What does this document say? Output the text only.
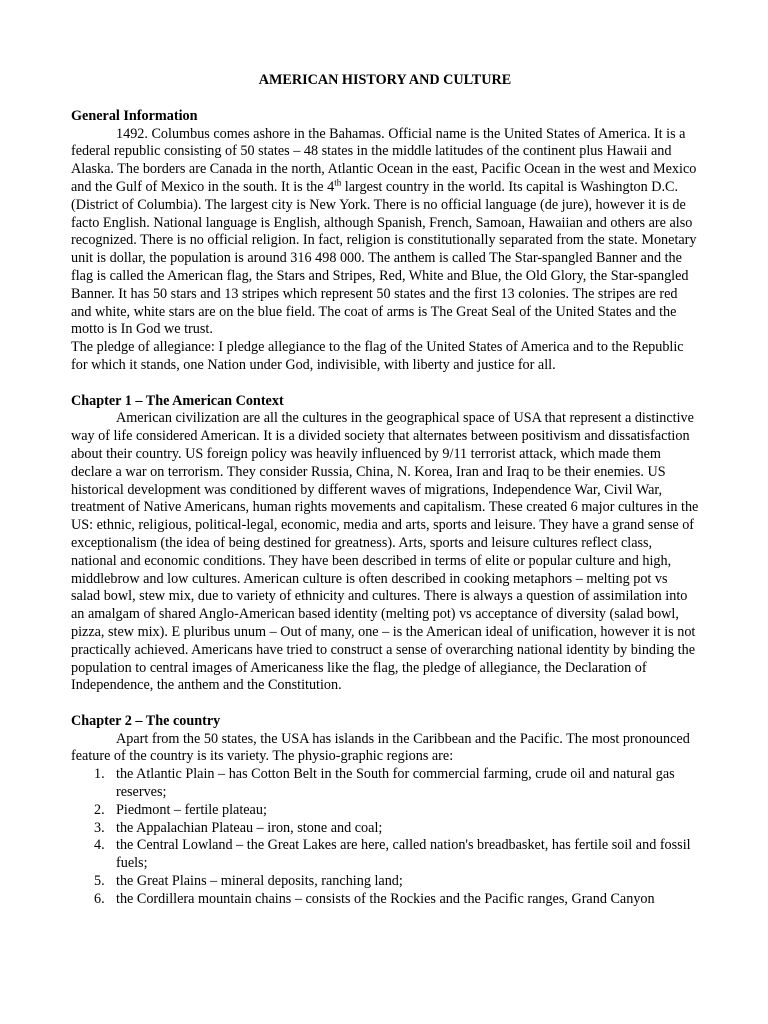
AMERICAN HISTORY AND CULTURE

General Information

1492. Columbus comes ashore in the Bahamas. Official name is the United States of America. It is a federal republic consisting of 50 states – 48 states in the middle latitudes of the continent plus Hawaii and Alaska. The borders are Canada in the north, Atlantic Ocean in the east, Pacific Ocean in the west and Mexico and the Gulf of Mexico in the south. It is the 4th largest country in the world. Its capital is Washington D.C. (District of Columbia). The largest city is New York. There is no official language (de jure), however it is de facto English. National language is English, although Spanish, French, Samoan, Hawaiian and others are also recognized. There is no official religion. In fact, religion is constitutionally separated from the state. Monetary unit is dollar, the population is around 316 498 000. The anthem is called The Star-spangled Banner and the flag is called the American flag, the Stars and Stripes, Red, White and Blue, the Old Glory, the Star-spangled Banner. It has 50 stars and 13 stripes which represent 50 states and the first 13 colonies. The stripes are red and white, white stars are on the blue field. The coat of arms is The Great Seal of the United States and the motto is In God we trust.

The pledge of allegiance: I pledge allegiance to the flag of the United States of America and to the Republic for which it stands, one Nation under God, indivisible, with liberty and justice for all.

Chapter 1 – The American Context

American civilization are all the cultures in the geographical space of USA that represent a distinctive way of life considered American. It is a divided society that alternates between positivism and dissatisfaction about their country. US foreign policy was heavily influenced by 9/11 terrorist attack, which made them declare a war on terrorism. They consider Russia, China, N. Korea, Iran and Iraq to be their enemies. US historical development was conditioned by different waves of migrations, Independence War, Civil War, treatment of Native Americans, human rights movements and capitalism. These created 6 major cultures in the US: ethnic, religious, political-legal, economic, media and arts, sports and leisure. They have a grand sense of exceptionalism (the idea of being destined for greatness). Arts, sports and leisure cultures reflect class, national and economic conditions. They have been described in terms of elite or popular culture and high, middlebrow and low cultures. American culture is often described in cooking metaphors – melting pot vs salad bowl, stew mix, due to variety of ethnicity and cultures. There is always a question of assimilation into an amalgam of shared Anglo-American based identity (melting pot) vs acceptance of diversity (salad bowl, pizza, stew mix). E pluribus unum – Out of many, one – is the American ideal of unification, however it is not practically achieved. Americans have tried to construct a sense of overarching national identity by binding the population to central images of Americaness like the flag, the pledge of allegiance, the Declaration of Independence, the anthem and the Constitution.

Chapter 2 – The country

Apart from the 50 states, the USA has islands in the Caribbean and the Pacific. The most pronounced feature of the country is its variety. The physio-graphic regions are:

1. the Atlantic Plain – has Cotton Belt in the South for commercial farming, crude oil and natural gas reserves;
2. Piedmont – fertile plateau;
3. the Appalachian Plateau – iron, stone and coal;
4. the Central Lowland – the Great Lakes are here, called nation's breadbasket, has fertile soil and fossil fuels;
5. the Great Plains – mineral deposits, ranching land;
6. the Cordillera mountain chains – consists of the Rockies and the Pacific ranges, Grand Canyon
